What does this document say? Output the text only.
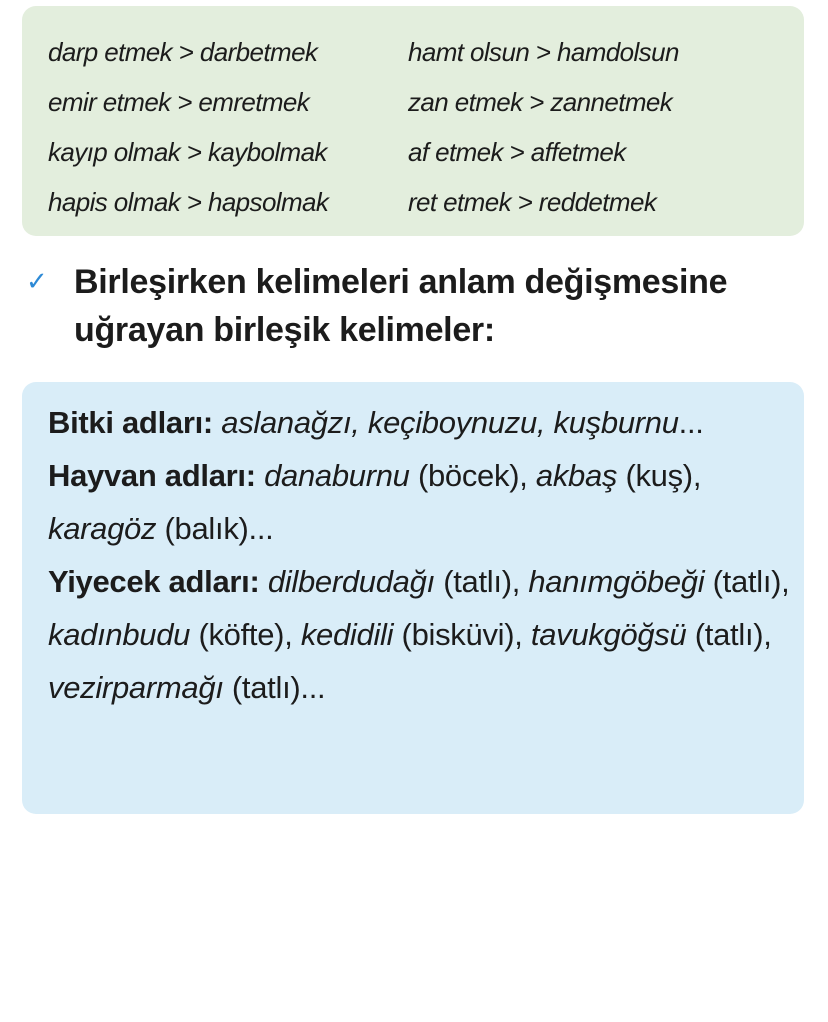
darp etmek > darbetmek	hamt olsun > hamdolsun
emir etmek > emretmek	zan etmek > zannetmek
kayıp olmak > kaybolmak	af etmek > affetmek
hapis olmak > hapsolmak	ret etmek > reddetmek
✓ Birleşirken kelimeleri anlam değişmesine uğrayan birleşik kelimeler:

Bitki adları: aslanağzı, keçiboynuzu, kuşburnu...

Hayvan adları: danaburnu (böcek), akbaş (kuş), karagöz (balık)...

Yiyecek adları: dilberdudağı (tatlı), hanımgöbeği (tatlı), kadınbudu (köfte), kedidili (bisküvi), tavukgöğsü (tatlı), vezirparmağı (tatlı)...
